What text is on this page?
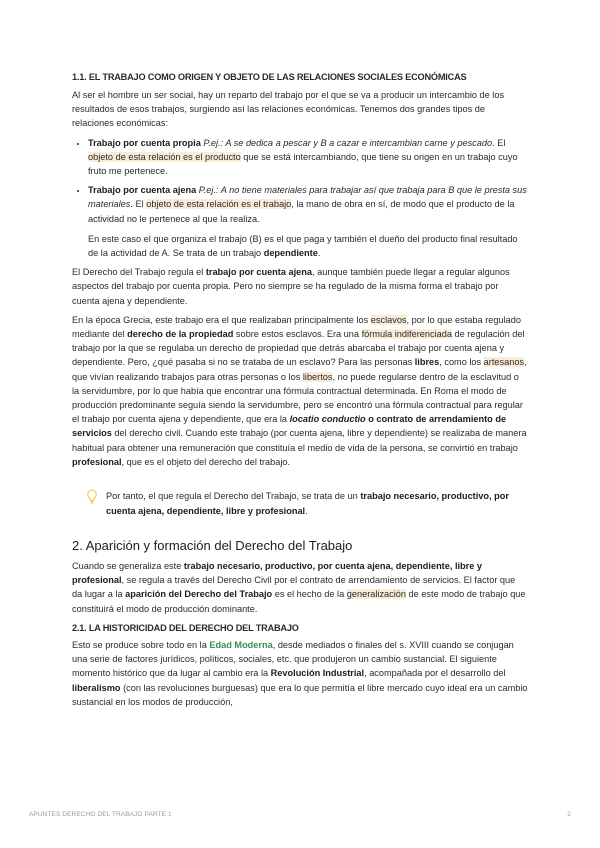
1.1. EL TRABAJO COMO ORIGEN Y OBJETO DE LAS RELACIONES SOCIALES ECONÓMICAS

Al ser el hombre un ser social, hay un reparto del trabajo por el que se va a producir un intercambio de los resultados de esos trabajos, surgiendo así las relaciones económicas. Tenemos dos grandes tipos de relaciones económicas:

• Trabajo por cuenta propia P.ej.: A se dedica a pescar y B a cazar e intercambian carne y pescado. El objeto de esta relación es el producto que se está intercambiando, que tiene su origen en un trabajo cuyo fruto me pertenece.
• Trabajo por cuenta ajena P.ej.: A no tiene materiales para trabajar así que trabaja para B que le presta sus materiales. El objeto de esta relación es el trabajo, la mano de obra en sí, de modo que el producto de la actividad no le pertenece al que la realiza.

En este caso el que organiza el trabajo (B) es el que paga y también el dueño del producto final resultado de la actividad de A. Se trata de un trabajo dependiente.

El Derecho del Trabajo regula el trabajo por cuenta ajena, aunque también puede llegar a regular algunos aspectos del trabajo por cuenta propia. Pero no siempre se ha regulado de la misma forma el trabajo por cuenta ajena y dependiente.

En la época Grecia, este trabajo era el que realizaban principalmente los esclavos, por lo que estaba regulado mediante del derecho de la propiedad sobre estos esclavos. Era una fórmula indiferenciada de regulación del trabajo por la que se regulaba un derecho de propiedad que detrás abarcaba el trabajo por cuenta ajena y dependiente. Pero, ¿qué pasaba si no se trataba de un esclavo? Para las personas libres, como los artesanos, que vivían realizando trabajos para otras personas o los libertos, no puede regularse dentro de la esclavitud o la servidumbre, por lo que había que encontrar una fórmula contractual determinada. En Roma el modo de producción predominante seguía siendo la servidumbre, pero se encontró una fórmula contractual para regular el trabajo por cuenta ajena y dependiente, que era la locatio conductio o contrato de arrendamiento de servicios del derecho civil. Cuando este trabajo (por cuenta ajena, libre y dependiente) se realizaba de manera habitual para obtener una remuneración que constituía el medio de vida de la persona, se convirtió en trabajo profesional, que es el objeto del derecho del trabajo.

Por tanto, el que regula el Derecho del Trabajo, se trata de un trabajo necesario, productivo, por cuenta ajena, dependiente, libre y profesional.

2. Aparición y formación del Derecho del Trabajo

Cuando se generaliza este trabajo necesario, productivo, por cuenta ajena, dependiente, libre y profesional, se regula a través del Derecho Civil por el contrato de arrendamiento de servicios. El factor que da lugar a la aparición del Derecho del Trabajo es el hecho de la generalización de este modo de trabajo que constituirá el modo de producción dominante.

2.1. LA HISTORICIDAD DEL DERECHO DEL TRABAJO

Esto se produce sobre todo en la Edad Moderna, desde mediados o finales del s. XVIII cuando se conjugan una serie de factores jurídicos, políticos, sociales, etc. que produjeron un cambio sustancial. El siguiente momento histórico que da lugar al cambio era la Revolución Industrial, acompañada por el desarrollo del liberalismo (con las revoluciones burguesas) que era lo que permitía el libre mercado cuyo ideal era un cambio sustancial en los modos de producción,

APUNTES DERECHO DEL TRABAJO PARTE 1	2
